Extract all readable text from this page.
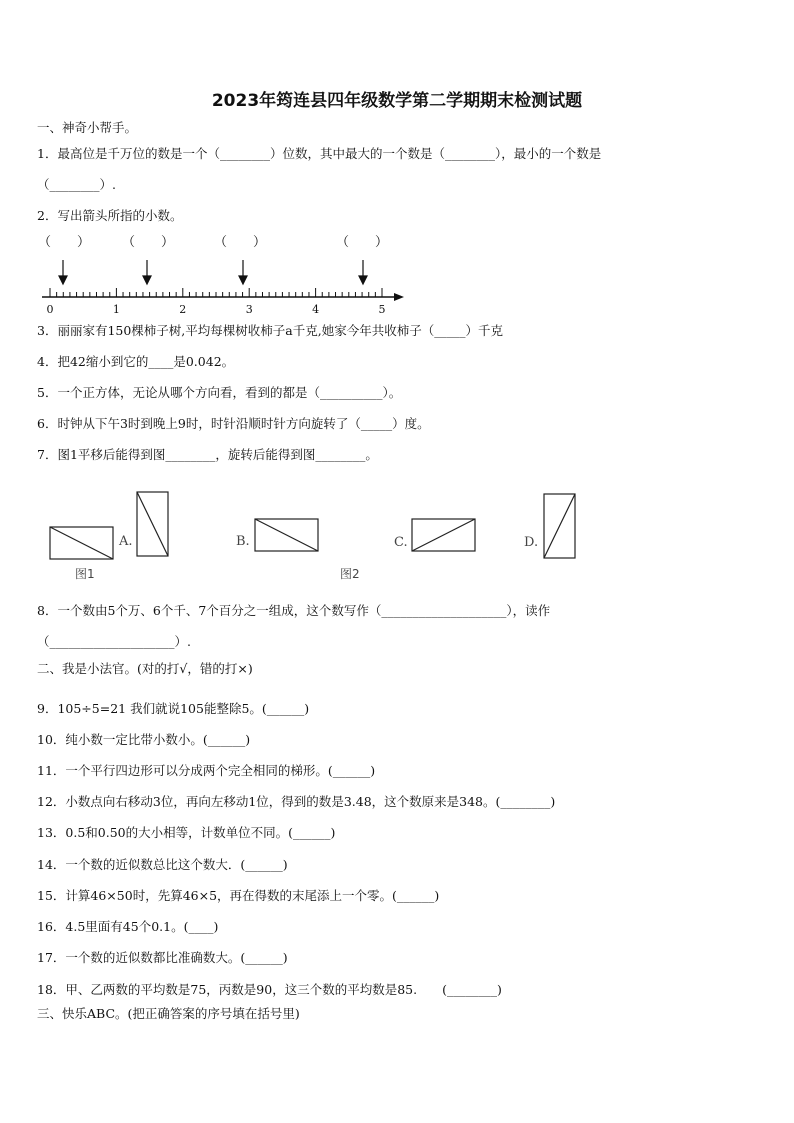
2023年筠连县四年级数学第二学期期末检测试题
一、神奇小帮手。
1．最高位是千万位的数是一个（________）位数，其中最大的一个数是（________），最小的一个数是
（________）.
2．写出箭头所指的小数。
（　　） （　　）	（　　）	（　　）
0	1	2	3	4	5
3．丽丽家有150棵柿子树,平均每棵树收柿子a千克,她家今年共收柿子（_____）千克
4．把42缩小到它的____是0.042。
5．一个正方体，无论从哪个方向看，看到的都是（__________）。
6．时钟从下午3时到晚上9时，时针沿顺时针方向旋转了（_____）度。
7．图1平移后能得到图________，旋转后能得到图________。
A.	B.	C.	D.
图1	图2
8．一个数由5个万、6个千、7个百分之一组成，这个数写作（____________________），读作
（____________________）.
二、我是小法官。(对的打√，错的打×)
9．105÷5=21 我们就说105能整除5。(______)
10．纯小数一定比带小数小。(______)
11．一个平行四边形可以分成两个完全相同的梯形。(______)
12．小数点向右移动3位，再向左移动1位，得到的数是3.48，这个数原来是348。(________)
13．0.5和0.50的大小相等，计数单位不同。(______)
14．一个数的近似数总比这个数大．(______)
15．计算46×50时，先算46×5，再在得数的末尾添上一个零。(______)
16．4.5里面有45个0.1。(____)
17．一个数的近似数都比准确数大。(______)
18．甲、乙两数的平均数是75，丙数是90，这三个数的平均数是85.　　(________)
三、快乐ABC。(把正确答案的序号填在括号里)
